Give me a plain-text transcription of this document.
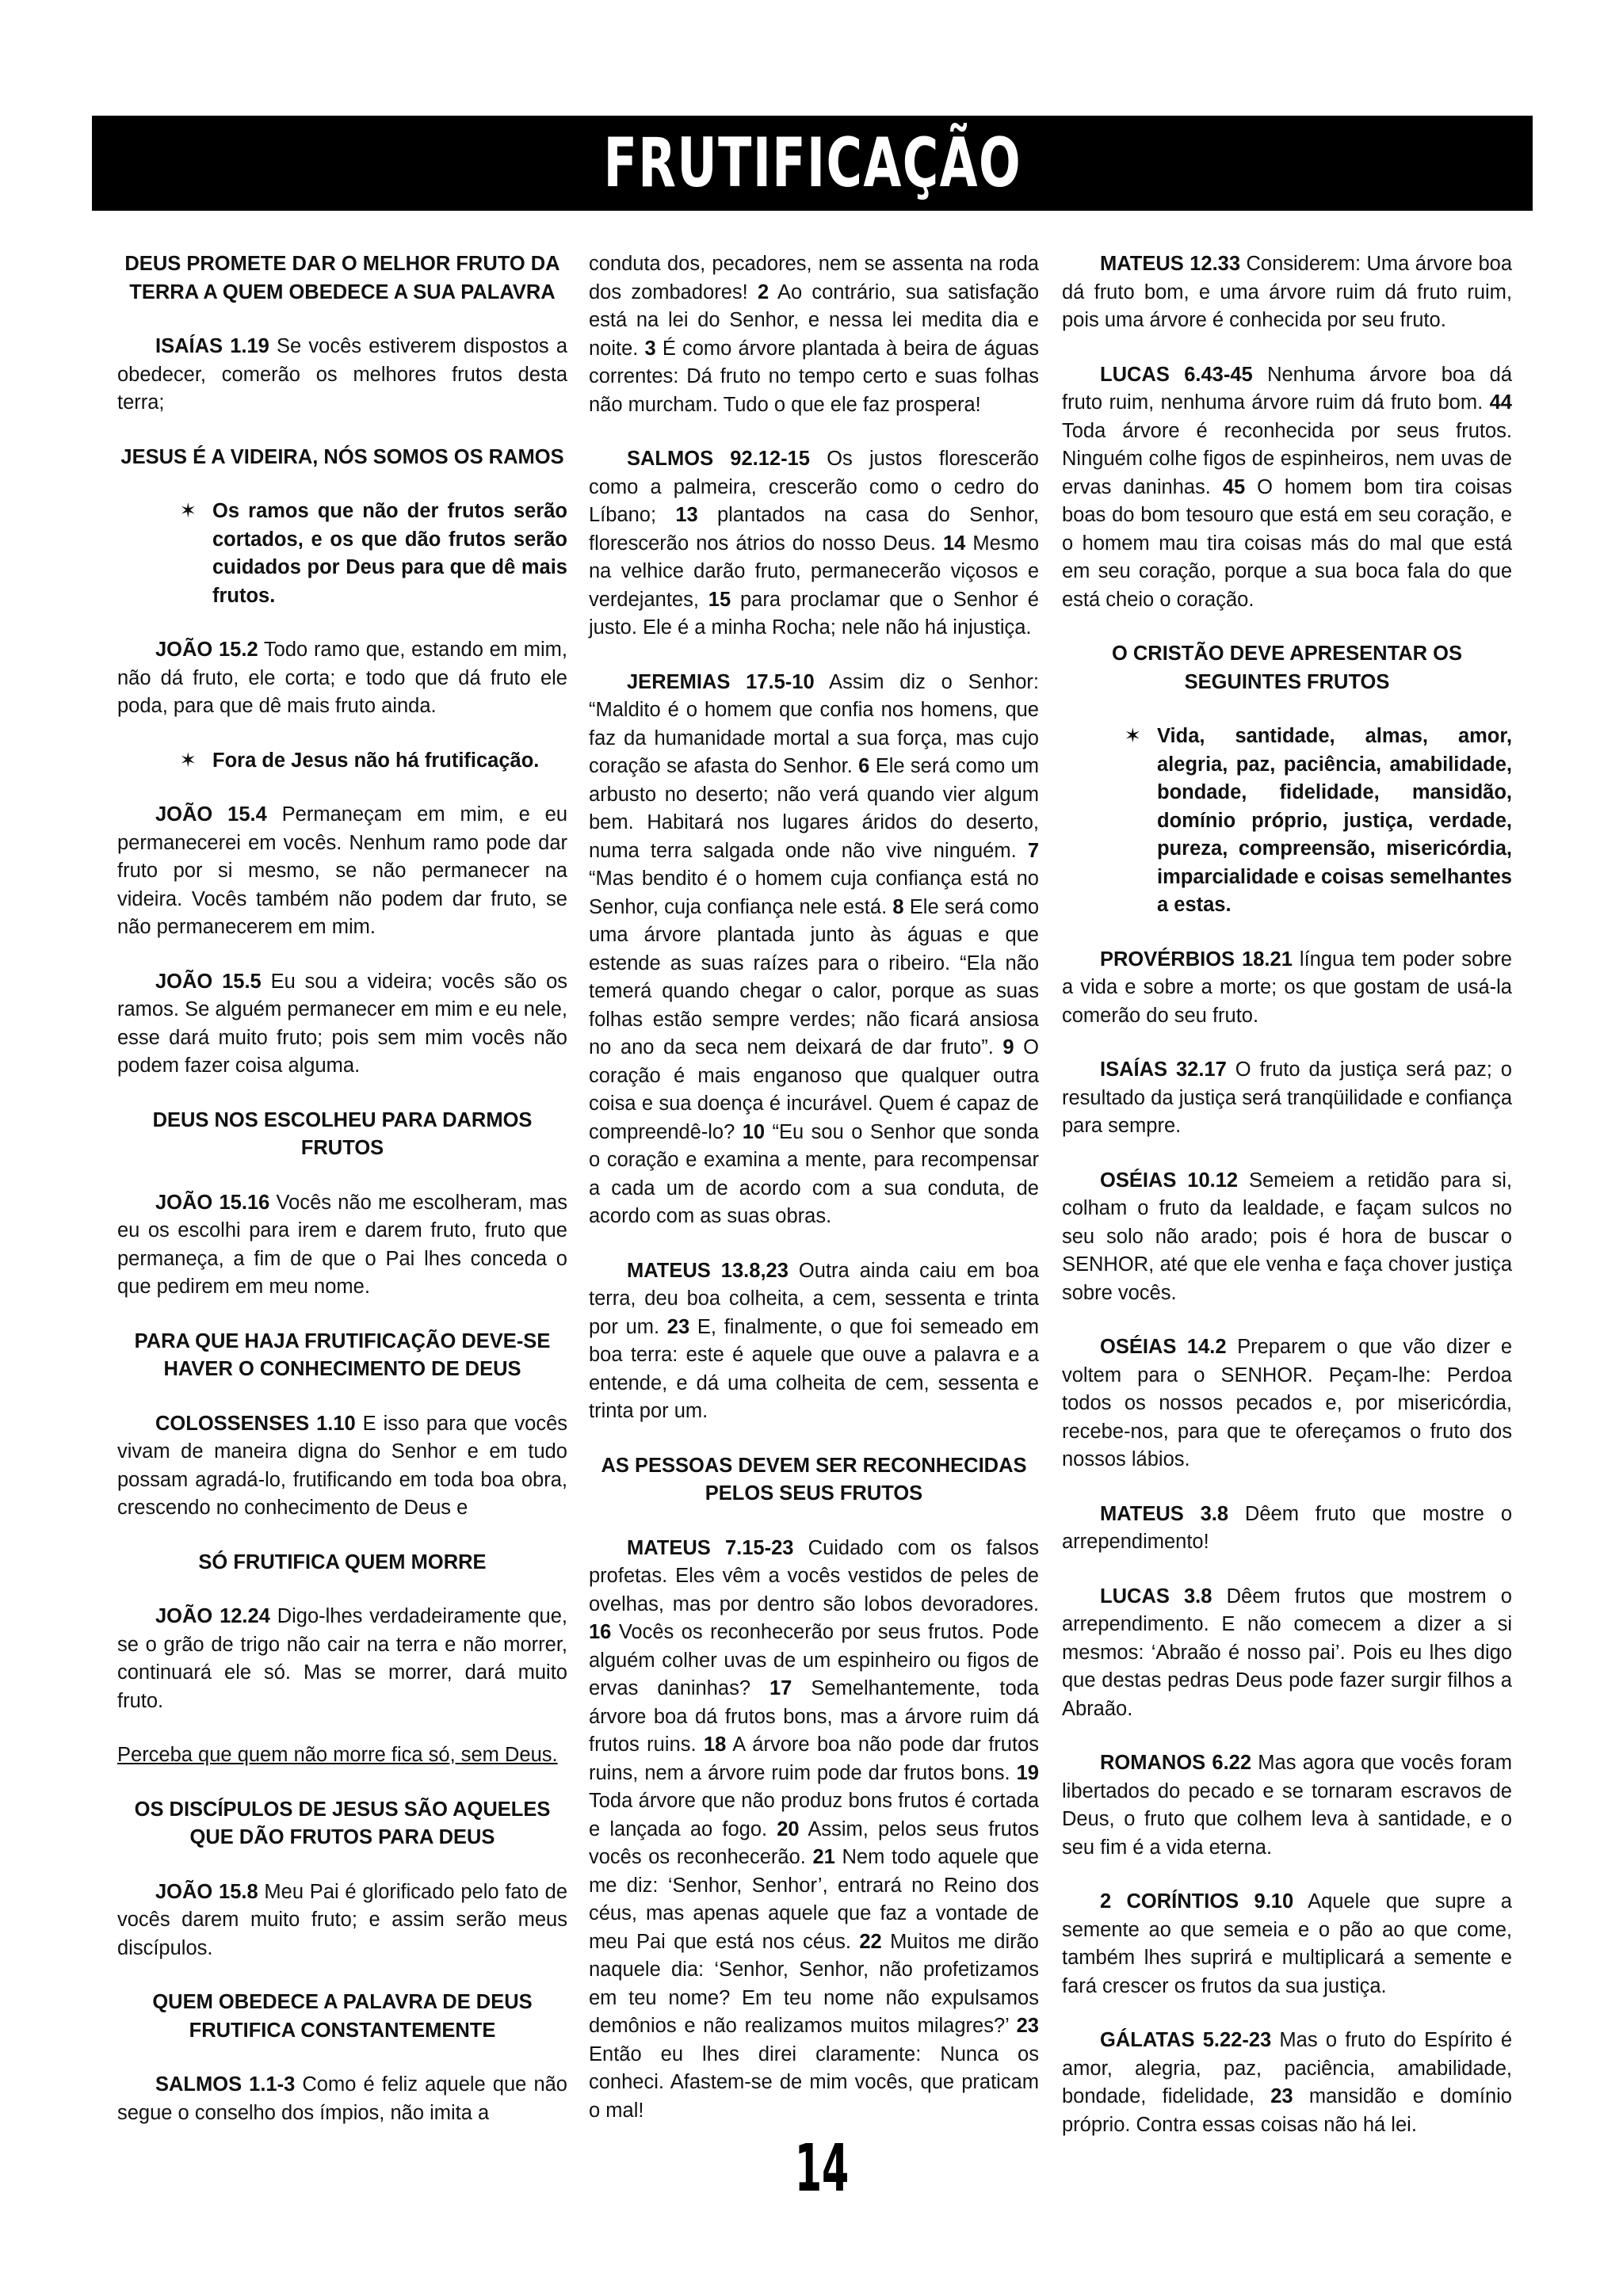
FRUTIFICAÇÃO

DEUS PROMETE DAR O MELHOR FRUTO DA TERRA A QUEM OBEDECE A SUA PALAVRA

ISAÍAS 1.19 Se vocês estiverem dispostos a obedecer, comerão os melhores frutos desta terra;

JESUS É A VIDEIRA, NÓS SOMOS OS RAMOS

✶ Os ramos que não der frutos serão cortados, e os que dão frutos serão cuidados por Deus para que dê mais frutos.

JOÃO 15.2 Todo ramo que, estando em mim, não dá fruto, ele corta; e todo que dá fruto ele poda, para que dê mais fruto ainda.

✶ Fora de Jesus não há frutificação.

JOÃO 15.4 Permaneçam em mim, e eu permanecerei em vocês. Nenhum ramo pode dar fruto por si mesmo, se não permanecer na videira. Vocês também não podem dar fruto, se não permanecerem em mim.

JOÃO 15.5 Eu sou a videira; vocês são os ramos. Se alguém permanecer em mim e eu nele, esse dará muito fruto; pois sem mim vocês não podem fazer coisa alguma.

DEUS NOS ESCOLHEU PARA DARMOS FRUTOS

JOÃO 15.16 Vocês não me escolheram, mas eu os escolhi para irem e darem fruto, fruto que permaneça, a fim de que o Pai lhes conceda o que pedirem em meu nome.

PARA QUE HAJA FRUTIFICAÇÃO DEVE-SE HAVER O CONHECIMENTO DE DEUS

COLOSSENSES 1.10 E isso para que vocês vivam de maneira digna do Senhor e em tudo possam agradá-lo, frutificando em toda boa obra, crescendo no conhecimento de Deus e

SÓ FRUTIFICA QUEM MORRE

JOÃO 12.24 Digo-lhes verdadeiramente que, se o grão de trigo não cair na terra e não morrer, continuará ele só. Mas se morrer, dará muito fruto.

Perceba que quem não morre fica só, sem Deus.

OS DISCÍPULOS DE JESUS SÃO AQUELES QUE DÃO FRUTOS PARA DEUS

JOÃO 15.8 Meu Pai é glorificado pelo fato de vocês darem muito fruto; e assim serão meus discípulos.

QUEM OBEDECE A PALAVRA DE DEUS FRUTIFICA CONSTANTEMENTE

SALMOS 1.1-3 Como é feliz aquele que não segue o conselho dos ímpios, não imita a

conduta dos, pecadores, nem se assenta na roda dos zombadores! 2 Ao contrário, sua satisfação está na lei do Senhor, e nessa lei medita dia e noite. 3 É como árvore plantada à beira de águas correntes: Dá fruto no tempo certo e suas folhas não murcham. Tudo o que ele faz prospera!

SALMOS 92.12-15 Os justos florescerão como a palmeira, crescerão como o cedro do Líbano; 13 plantados na casa do Senhor, florescerão nos átrios do nosso Deus. 14 Mesmo na velhice darão fruto, permanecerão viçosos e verdejantes, 15 para proclamar que o Senhor é justo. Ele é a minha Rocha; nele não há injustiça.

JEREMIAS 17.5-10 Assim diz o Senhor: “Maldito é o homem que confia nos homens, que faz da humanidade mortal a sua força, mas cujo coração se afasta do Senhor. 6 Ele será como um arbusto no deserto; não verá quando vier algum bem. Habitará nos lugares áridos do deserto, numa terra salgada onde não vive ninguém. 7 “Mas bendito é o homem cuja confiança está no Senhor, cuja confiança nele está. 8 Ele será como uma árvore plantada junto às águas e que estende as suas raízes para o ribeiro. “Ela não temerá quando chegar o calor, porque as suas folhas estão sempre verdes; não ficará ansiosa no ano da seca nem deixará de dar fruto”. 9 O coração é mais enganoso que qualquer outra coisa e sua doença é incurável. Quem é capaz de compreendê-lo? 10 “Eu sou o Senhor que sonda o coração e examina a mente, para recompensar a cada um de acordo com a sua conduta, de acordo com as suas obras.

MATEUS 13.8,23 Outra ainda caiu em boa terra, deu boa colheita, a cem, sessenta e trinta por um. 23 E, finalmente, o que foi semeado em boa terra: este é aquele que ouve a palavra e a entende, e dá uma colheita de cem, sessenta e trinta por um.

AS PESSOAS DEVEM SER RECONHECIDAS PELOS SEUS FRUTOS

MATEUS 7.15-23 Cuidado com os falsos profetas. Eles vêm a vocês vestidos de peles de ovelhas, mas por dentro são lobos devoradores. 16 Vocês os reconhecerão por seus frutos. Pode alguém colher uvas de um espinheiro ou figos de ervas daninhas? 17 Semelhantemente, toda árvore boa dá frutos bons, mas a árvore ruim dá frutos ruins. 18 A árvore boa não pode dar frutos ruins, nem a árvore ruim pode dar frutos bons. 19 Toda árvore que não produz bons frutos é cortada e lançada ao fogo. 20 Assim, pelos seus frutos vocês os reconhecerão. 21 Nem todo aquele que me diz: ‘Senhor, Senhor’, entrará no Reino dos céus, mas apenas aquele que faz a vontade de meu Pai que está nos céus. 22 Muitos me dirão naquele dia: ‘Senhor, Senhor, não profetizamos em teu nome? Em teu nome não expulsamos demônios e não realizamos muitos milagres?’ 23 Então eu lhes direi claramente: Nunca os conheci. Afastem-se de mim vocês, que praticam o mal!

MATEUS 12.33 Considerem: Uma árvore boa dá fruto bom, e uma árvore ruim dá fruto ruim, pois uma árvore é conhecida por seu fruto.

LUCAS 6.43-45 Nenhuma árvore boa dá fruto ruim, nenhuma árvore ruim dá fruto bom. 44 Toda árvore é reconhecida por seus frutos. Ninguém colhe figos de espinheiros, nem uvas de ervas daninhas. 45 O homem bom tira coisas boas do bom tesouro que está em seu coração, e o homem mau tira coisas más do mal que está em seu coração, porque a sua boca fala do que está cheio o coração.

O CRISTÃO DEVE APRESENTAR OS SEGUINTES FRUTOS

✶ Vida, santidade, almas, amor, alegria, paz, paciência, amabilidade, bondade, fidelidade, mansidão, domínio próprio, justiça, verdade, pureza, compreensão, misericórdia, imparcialidade e coisas semelhantes a estas.

PROVÉRBIOS 18.21 língua tem poder sobre a vida e sobre a morte; os que gostam de usá-la comerão do seu fruto.

ISAÍAS 32.17 O fruto da justiça será paz; o resultado da justiça será tranqüilidade e confiança para sempre.

OSÉIAS 10.12 Semeiem a retidão para si, colham o fruto da lealdade, e façam sulcos no seu solo não arado; pois é hora de buscar o SENHOR, até que ele venha e faça chover justiça sobre vocês.

OSÉIAS 14.2 Preparem o que vão dizer e voltem para o SENHOR. Peçam-lhe: Perdoa todos os nossos pecados e, por misericórdia, recebe-nos, para que te ofereçamos o fruto dos nossos lábios.

MATEUS 3.8 Dêem fruto que mostre o arrependimento!

LUCAS 3.8 Dêem frutos que mostrem o arrependimento. E não comecem a dizer a si mesmos: ‘Abraão é nosso pai’. Pois eu lhes digo que destas pedras Deus pode fazer surgir filhos a Abraão.

ROMANOS 6.22 Mas agora que vocês foram libertados do pecado e se tornaram escravos de Deus, o fruto que colhem leva à santidade, e o seu fim é a vida eterna.

2 CORÍNTIOS 9.10 Aquele que supre a semente ao que semeia e o pão ao que come, também lhes suprirá e multiplicará a semente e fará crescer os frutos da sua justiça.

GÁLATAS 5.22-23 Mas o fruto do Espírito é amor, alegria, paz, paciência, amabilidade, bondade, fidelidade, 23 mansidão e domínio próprio. Contra essas coisas não há lei.

14
